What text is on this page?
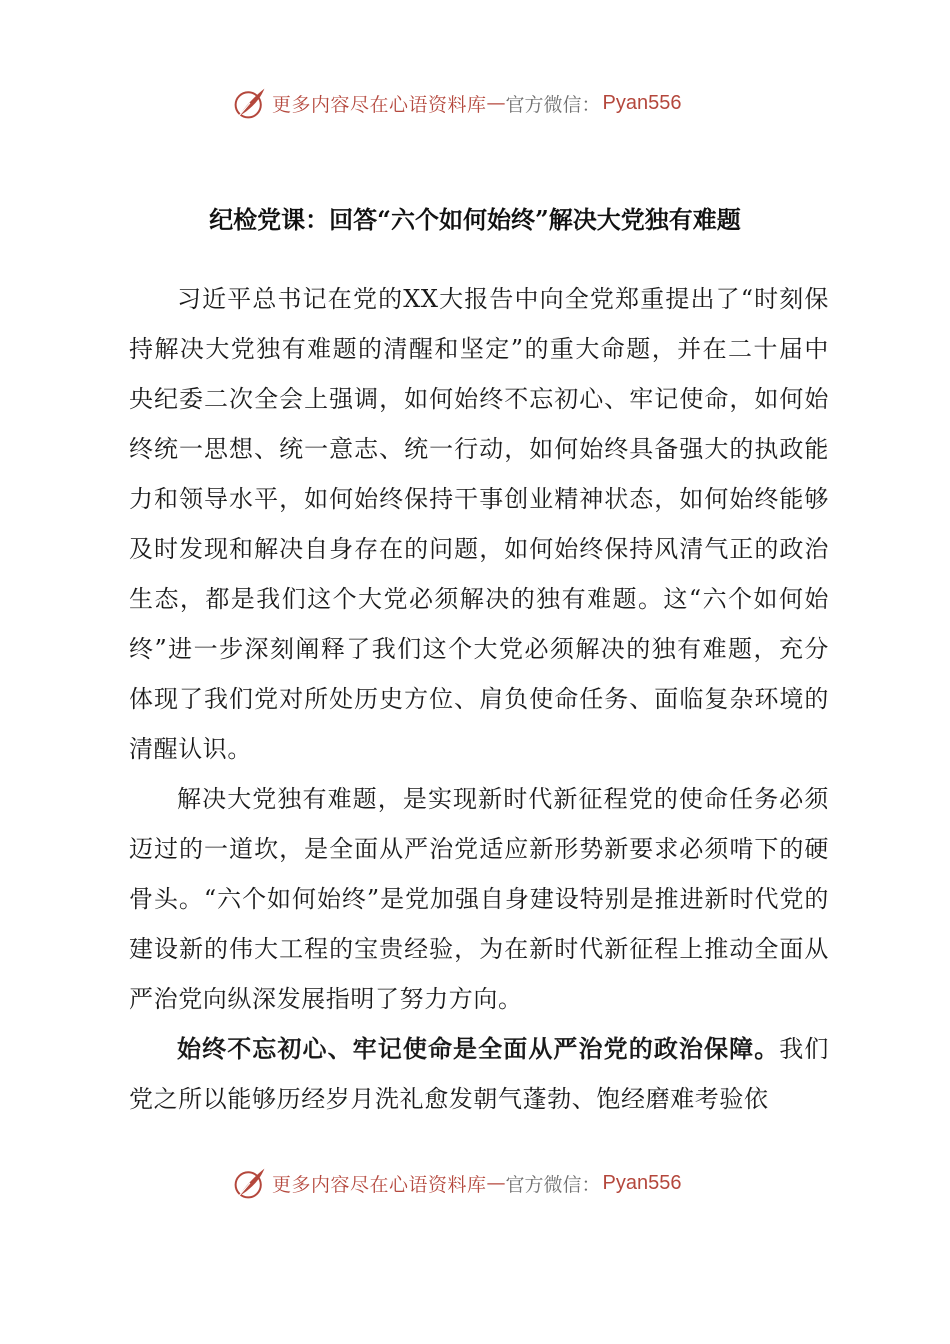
更多内容尽在心语资料库 — 官方微信： Pyan556
纪检党课：回答“六个如何始终”解决大党独有难题

习近平总书记在党的XX大报告中向全党郑重提出了“时刻保持解决大党独有难题的清醒和坚定”的重大命题，并在二十届中央纪委二次全会上强调，如何始终不忘初心、牢记使命，如何始终统一思想、统一意志、统一行动，如何始终具备强大的执政能力和领导水平，如何始终保持干事创业精神状态，如何始终能够及时发现和解决自身存在的问题，如何始终保持风清气正的政治生态，都是我们这个大党必须解决的独有难题。这“六个如何始终”进一步深刻阐释了我们这个大党必须解决的独有难题，充分体现了我们党对所处历史方位、肩负使命任务、面临复杂环境的清醒认识。

解决大党独有难题，是实现新时代新征程党的使命任务必须迈过的一道坎，是全面从严治党适应新形势新要求必须啃下的硬骨头。“六个如何始终”是党加强自身建设特别是推进新时代党的建设新的伟大工程的宝贵经验，为在新时代新征程上推动全面从严治党向纵深发展指明了努力方向。

始终不忘初心、牢记使命是全面从严治党的政治保障。我们党之所以能够历经岁月洗礼愈发朝气蓬勃、饱经磨难考验依

更多内容尽在心语资料库 — 官方微信： Pyan556
